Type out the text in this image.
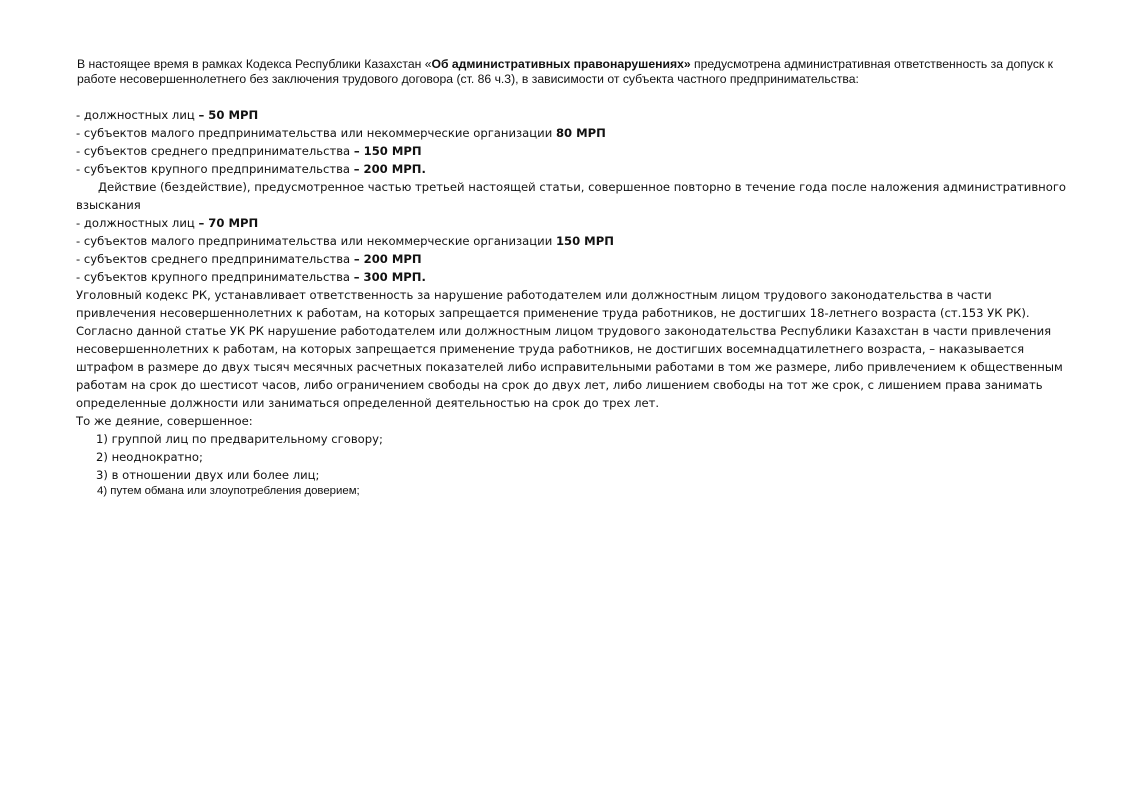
В настоящее время в рамках Кодекса Республики Казахстан «Об административных правонарушениях» предусмотрена административная ответственность за допуск к работе несовершеннолетнего без заключения трудового договора (ст. 86 ч.3), в зависимости от субъекта частного предпринимательства:

- должностных лиц – 50 МРП

- субъектов малого предпринимательства или некоммерческие организации 80 МРП

- субъектов среднего предпринимательства – 150 МРП

- субъектов крупного предпринимательства – 200 МРП.

Действие (бездействие), предусмотренное частью третьей настоящей статьи, совершенное повторно в течение года после наложения административного взыскания

- должностных лиц – 70 МРП

- субъектов малого предпринимательства или некоммерческие организации 150 МРП

- субъектов среднего предпринимательства – 200 МРП

- субъектов крупного предпринимательства – 300 МРП.

Уголовный кодекс РК, устанавливает ответственность за нарушение работодателем или должностным лицом трудового законодательства в части привлечения несовершеннолетних к работам, на которых запрещается применение труда работников, не достигших 18-летнего возраста (ст.153 УК РК).

Согласно данной статье УК РК нарушение работодателем или должностным лицом трудового законодательства Республики Казахстан в части привлечения несовершеннолетних к работам, на которых запрещается применение труда работников, не достигших восемнадцатилетнего возраста, – наказывается штрафом в размере до двух тысяч месячных расчетных показателей либо исправительными работами в том же размере, либо привлечением к общественным работам на срок до шестисот часов, либо ограничением свободы на срок до двух лет, либо лишением свободы на тот же срок, с лишением права занимать определенные должности или заниматься определенной деятельностью на срок до трех лет.

То же деяние, совершенное:

1) группой лиц по предварительному сговору;

2) неоднократно;

3) в отношении двух или более лиц;

4) путем обмана или злоупотребления доверием;
